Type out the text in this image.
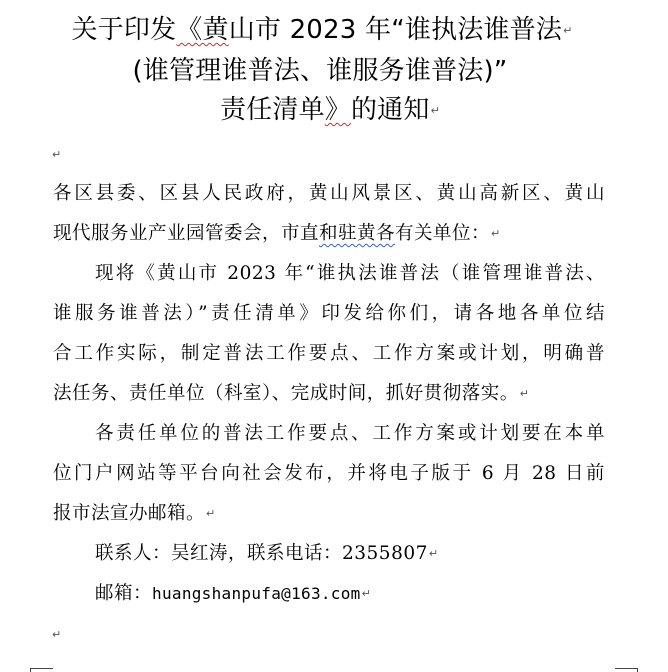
关于印发《黄山市 2023 年“谁执法谁普法↵
(谁管理谁普法、谁服务谁普法)”
责任清单》的通知↵
↵
各区县委、区县人民政府，黄山风景区、黄山高新区、黄山
现代服务业产业园管委会，市直和驻黄各有关单位：↵
现将《黄山市 2023 年“谁执法谁普法（谁管理谁普法、
谁服务谁普法）”责任清单》印发给你们，请各地各单位结
合工作实际，制定普法工作要点、工作方案或计划，明确普
法任务、责任单位（科室）、完成时间，抓好贯彻落实。↵
各责任单位的普法工作要点、工作方案或计划要在本单
位门户网站等平台向社会发布，并将电子版于 6 月 28 日前
报市法宣办邮箱。↵
联系人：吴红涛，联系电话：2355807↵
邮箱：huangshanpufa@163.com↵
↵
